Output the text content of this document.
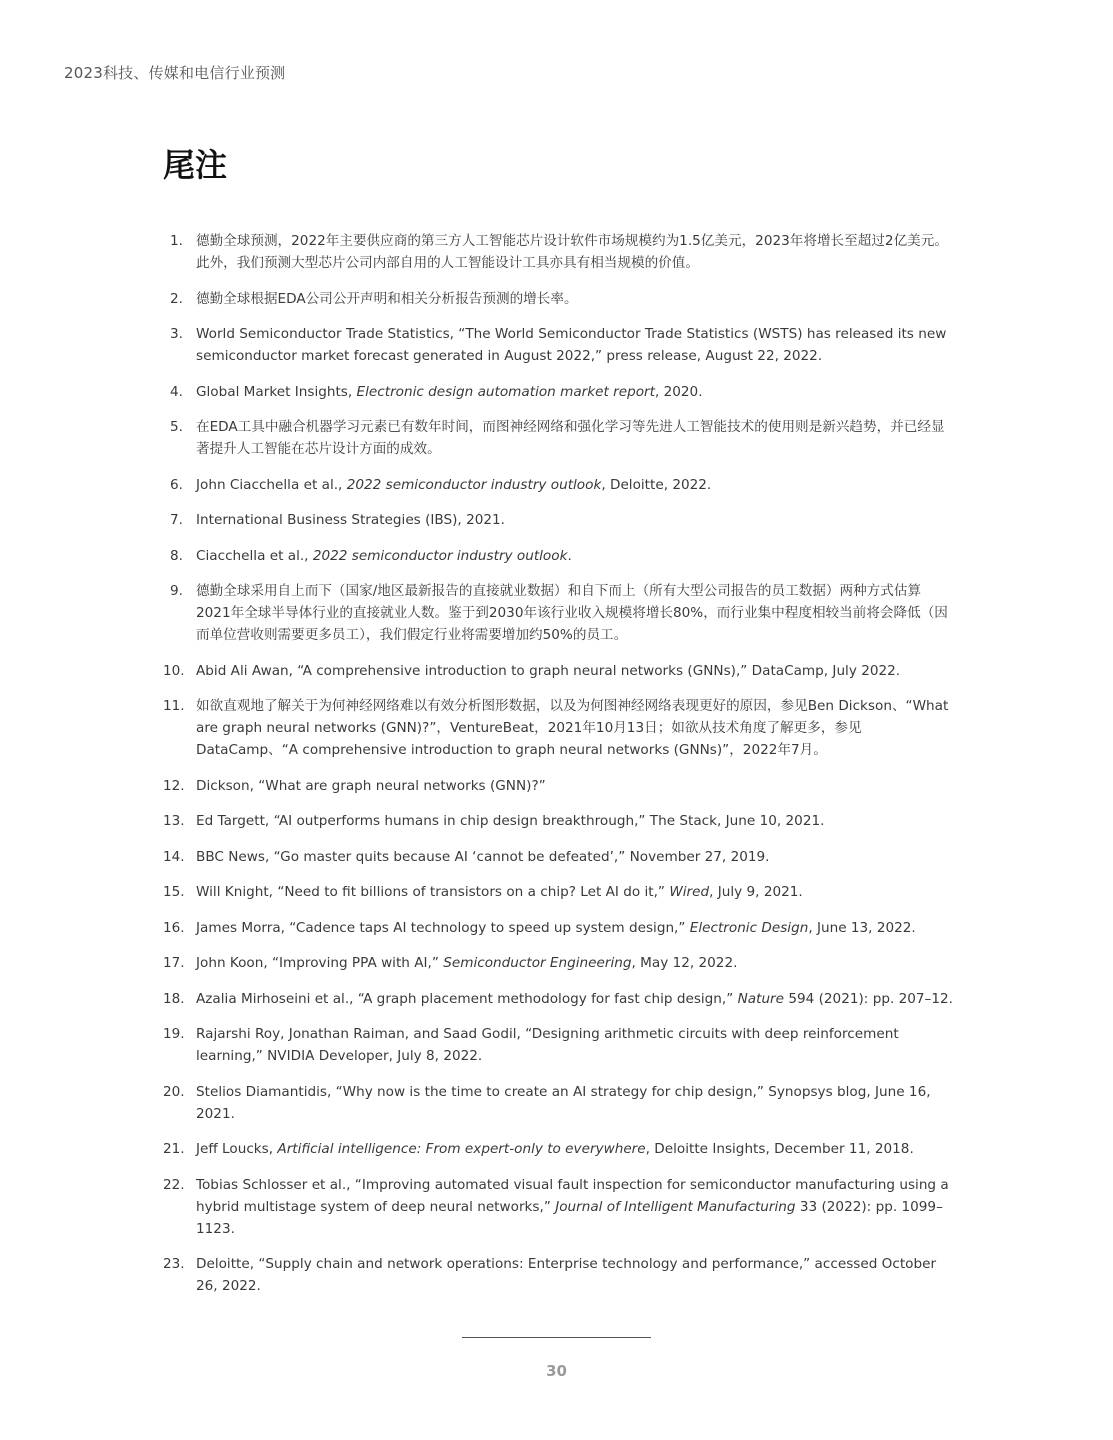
2023科技、传媒和电信行业预测
尾注
1. 德勤全球预测，2022年主要供应商的第三方人工智能芯片设计软件市场规模约为1.5亿美元，2023年将增长至超过2亿美元。此外，我们预测大型芯片公司内部自用的人工智能设计工具亦具有相当规模的价值。
2. 德勤全球根据EDA公司公开声明和相关分析报告预测的增长率。
3. World Semiconductor Trade Statistics, “The World Semiconductor Trade Statistics (WSTS) has released its new semiconductor market forecast generated in August 2022,” press release, August 22, 2022.
4. Global Market Insights, Electronic design automation market report, 2020.
5. 在EDA工具中融合机器学习元素已有数年时间，而图神经网络和强化学习等先进人工智能技术的使用则是新兴趋势，并已经显著提升人工智能在芯片设计方面的成效。
6. John Ciacchella et al., 2022 semiconductor industry outlook, Deloitte, 2022.
7. International Business Strategies (IBS), 2021.
8. Ciacchella et al., 2022 semiconductor industry outlook.
9. 德勤全球采用自上而下（国家/地区最新报告的直接就业数据）和自下而上（所有大型公司报告的员工数据）两种方式估算2021年全球半导体行业的直接就业人数。鉴于到2030年该行业收入规模将增长80%，而行业集中程度相较当前将会降低（因而单位营收则需要更多员工），我们假定行业将需要增加约50%的员工。
10. Abid Ali Awan, “A comprehensive introduction to graph neural networks (GNNs),” DataCamp, July 2022.
11. 如欲直观地了解关于为何神经网络难以有效分析图形数据，以及为何图神经网络表现更好的原因，参见Ben Dickson、“What are graph neural networks (GNN)?”，VentureBeat，2021年10月13日；如欲从技术角度了解更多，参见DataCamp、“A comprehensive introduction to graph neural networks (GNNs)”，2022年7月。
12. Dickson, “What are graph neural networks (GNN)?”
13. Ed Targett, “AI outperforms humans in chip design breakthrough,” The Stack, June 10, 2021.
14. BBC News, “Go master quits because AI ‘cannot be defeated’,” November 27, 2019.
15. Will Knight, “Need to fit billions of transistors on a chip? Let AI do it,” Wired, July 9, 2021.
16. James Morra, “Cadence taps AI technology to speed up system design,” Electronic Design, June 13, 2022.
17. John Koon, “Improving PPA with AI,” Semiconductor Engineering, May 12, 2022.
18. Azalia Mirhoseini et al., “A graph placement methodology for fast chip design,” Nature 594 (2021): pp. 207–12.
19. Rajarshi Roy, Jonathan Raiman, and Saad Godil, “Designing arithmetic circuits with deep reinforcement learning,” NVIDIA Developer, July 8, 2022.
20. Stelios Diamantidis, “Why now is the time to create an AI strategy for chip design,” Synopsys blog, June 16, 2021.
21. Jeff Loucks, Artificial intelligence: From expert-only to everywhere, Deloitte Insights, December 11, 2018.
22. Tobias Schlosser et al., “Improving automated visual fault inspection for semiconductor manufacturing using a hybrid multistage system of deep neural networks,” Journal of Intelligent Manufacturing 33 (2022): pp. 1099–1123.
23. Deloitte, “Supply chain and network operations: Enterprise technology and performance,” accessed October 26, 2022.
30
